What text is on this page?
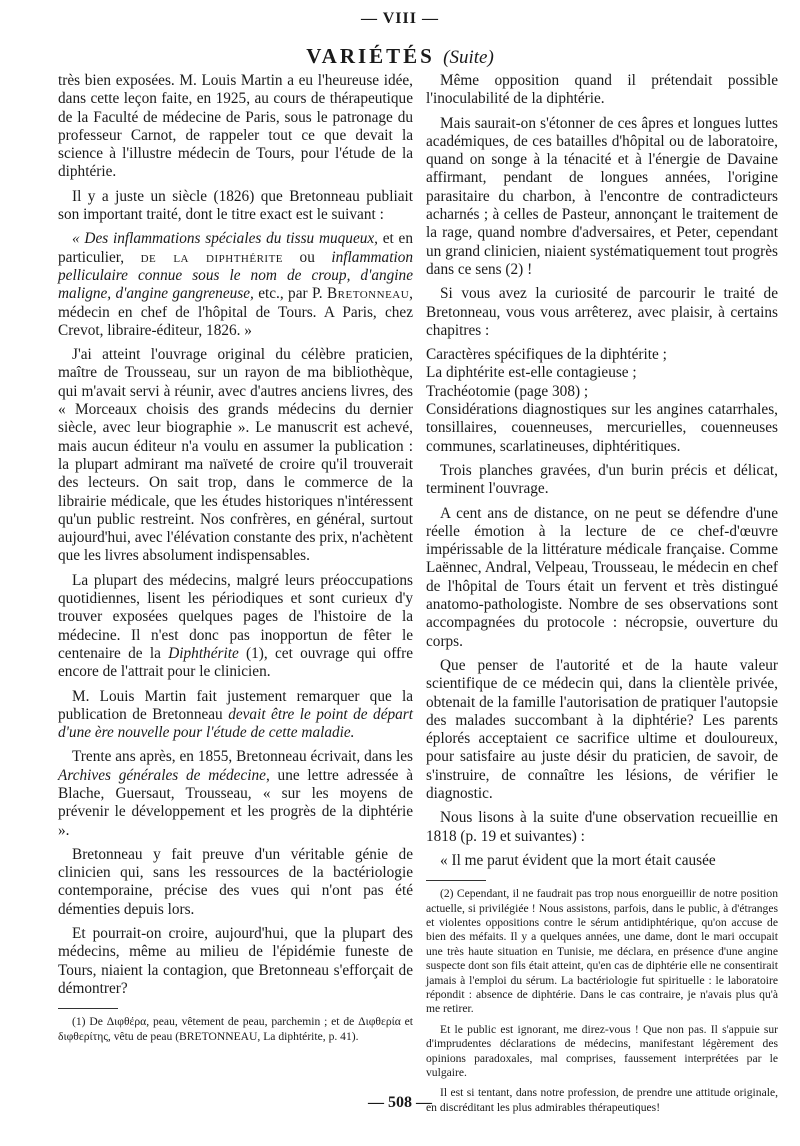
— VIII —
VARIÉTÉS (Suite)

très bien exposées. M. Louis Martin a eu l'heureuse idée, dans cette leçon faite, en 1925, au cours de thérapeutique de la Faculté de médecine de Paris, sous le patronage du professeur Carnot, de rappeler tout ce que devait la science à l'illustre médecin de Tours, pour l'étude de la diphtérie.

Il y a juste un siècle (1826) que Bretonneau publiait son important traité, dont le titre exact est le suivant :

« Des inflammations spéciales du tissu muqueux, et en particulier, de la diphthérite ou inflammation pelliculaire connue sous le nom de croup, d'angine maligne, d'angine gangreneuse, etc., par P. Bretonneau, médecin en chef de l'hôpital de Tours. A Paris, chez Crevot, libraire-éditeur, 1826. »

J'ai atteint l'ouvrage original du célèbre praticien, maître de Trousseau, sur un rayon de ma bibliothèque, qui m'avait servi à réunir, avec d'autres anciens livres, des « Morceaux choisis des grands médecins du dernier siècle, avec leur biographie ». Le manuscrit est achevé, mais aucun éditeur n'a voulu en assumer la publication : la plupart admirant ma naïveté de croire qu'il trouverait des lecteurs. On sait trop, dans le commerce de la librairie médicale, que les études historiques n'intéressent qu'un public restreint. Nos confrères, en général, surtout aujourd'hui, avec l'élévation constante des prix, n'achètent que les livres absolument indispensables.

La plupart des médecins, malgré leurs préoccupations quotidiennes, lisent les périodiques et sont curieux d'y trouver exposées quelques pages de l'histoire de la médecine. Il n'est donc pas inopportun de fêter le centenaire de la Diphthérite (1), cet ouvrage qui offre encore de l'attrait pour le clinicien.

M. Louis Martin fait justement remarquer que la publication de Bretonneau devait être le point de départ d'une ère nouvelle pour l'étude de cette maladie.

Trente ans après, en 1855, Bretonneau écrivait, dans les Archives générales de médecine, une lettre adressée à Blache, Guersaut, Trousseau, « sur les moyens de prévenir le développement et les progrès de la diphtérie ».

Bretonneau y fait preuve d'un véritable génie de clinicien qui, sans les ressources de la bactériologie contemporaine, précise des vues qui n'ont pas été démenties depuis lors.

Et pourrait-on croire, aujourd'hui, que la plupart des médecins, même au milieu de l'épidémie funeste de Tours, niaient la contagion, que Bretonneau s'efforçait de démontrer?

(1) De Διφθέρα, peau, vêtement de peau, parchemin ; et de Διφθερία et διφθερίτης, vêtu de peau (BRETONNEAU, La diphtérite, p. 41).

Même opposition quand il prétendait possible l'inoculabilité de la diphtérie.

Mais saurait-on s'étonner de ces âpres et longues luttes académiques, de ces batailles d'hôpital ou de laboratoire, quand on songe à la ténacité et à l'énergie de Davaine affirmant, pendant de longues années, l'origine parasitaire du charbon, à l'encontre de contradicteurs acharnés ; à celles de Pasteur, annonçant le traitement de la rage, quand nombre d'adversaires, et Peter, cependant un grand clinicien, niaient systématiquement tout progrès dans ce sens (2) !

Si vous avez la curiosité de parcourir le traité de Bretonneau, vous vous arrêterez, avec plaisir, à certains chapitres :

Caractères spécifiques de la diphtérite ;

La diphtérite est-elle contagieuse ;

Trachéotomie (page 308) ;

Considérations diagnostiques sur les angines catarrhales, tonsillaires, couenneuses, mercurielles, couenneuses communes, scarlatineuses, diphtéritiques.

Trois planches gravées, d'un burin précis et délicat, terminent l'ouvrage.

A cent ans de distance, on ne peut se défendre d'une réelle émotion à la lecture de ce chef-d'œuvre impérissable de la littérature médicale française. Comme Laënnec, Andral, Velpeau, Trousseau, le médecin en chef de l'hôpital de Tours était un fervent et très distingué anatomo-pathologiste. Nombre de ses observations sont accompagnées du protocole : nécropsie, ouverture du corps.

Que penser de l'autorité et de la haute valeur scientifique de ce médecin qui, dans la clientèle privée, obtenait de la famille l'autorisation de pratiquer l'autopsie des malades succombant à la diphtérie? Les parents éplorés acceptaient ce sacrifice ultime et douloureux, pour satisfaire au juste désir du praticien, de savoir, de s'instruire, de connaître les lésions, de vérifier le diagnostic.

Nous lisons à la suite d'une observation recueillie en 1818 (p. 19 et suivantes) :

« Il me parut évident que la mort était causée

(2) Cependant, il ne faudrait pas trop nous enorgueillir de notre position actuelle, si privilégiée ! Nous assistons, parfois, dans le public, à d'étranges et violentes oppositions contre le sérum antidiphtérique, qu'on accuse de bien des méfaits. Il y a quelques années, une dame, dont le mari occupait une très haute situation en Tunisie, me déclara, en présence d'une angine suspecte dont son fils était atteint, qu'en cas de diphtérie elle ne consentirait jamais à l'emploi du sérum. La bactériologie fut spirituelle : le laboratoire répondit : absence de diphtérie. Dans le cas contraire, je n'avais plus qu'à me retirer.

Et le public est ignorant, me direz-vous ! Que non pas. Il s'appuie sur d'imprudentes déclarations de médecins, manifestant légèrement des opinions paradoxales, mal comprises, faussement interprétées par le vulgaire.

Il est si tentant, dans notre profession, de prendre une attitude originale, en discréditant les plus admirables thérapeutiques!

— 508 —
